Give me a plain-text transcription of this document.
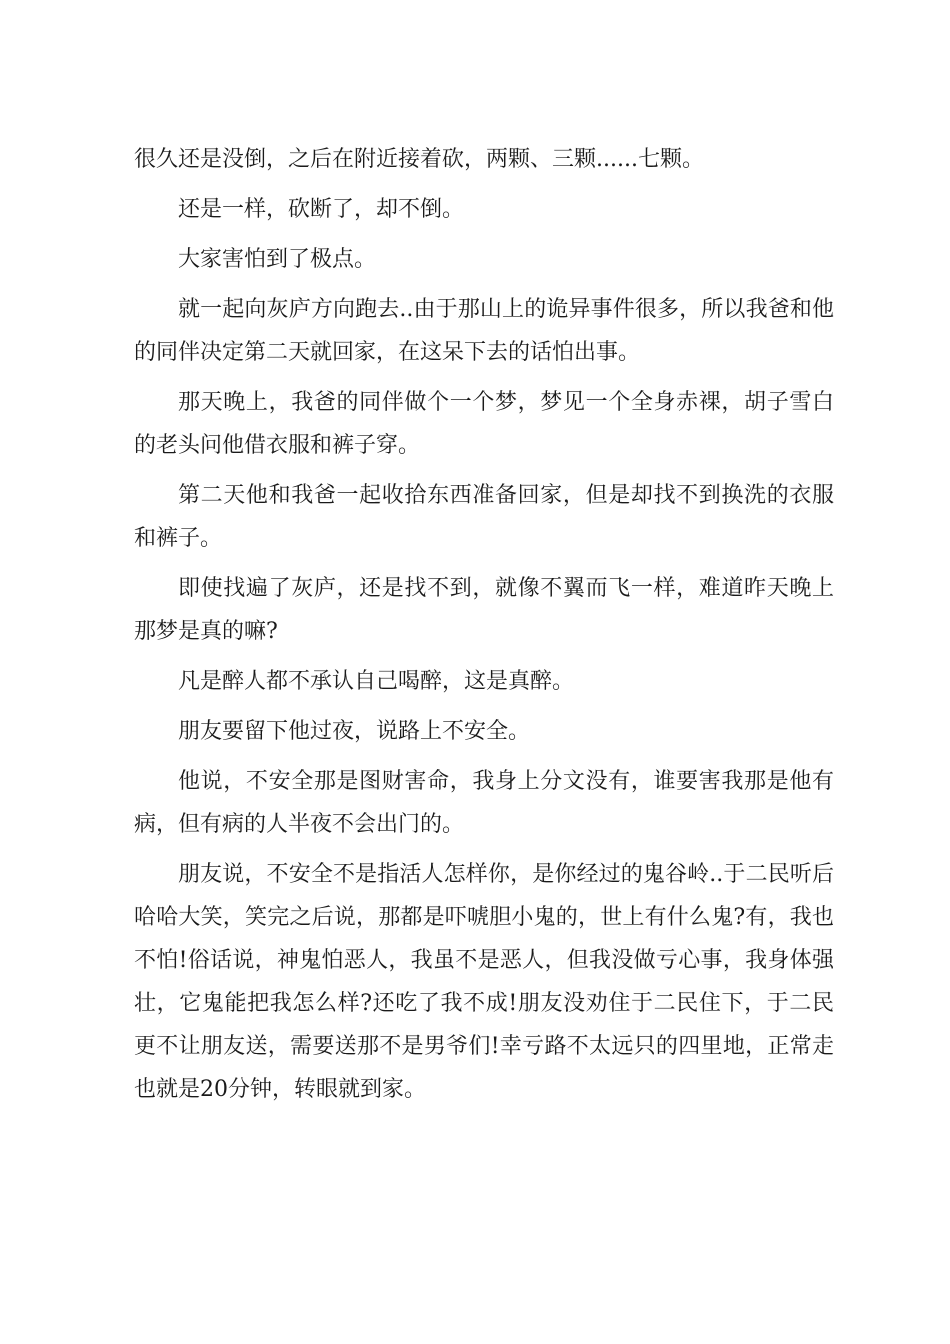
很久还是没倒，之后在附近接着砍，两颗、三颗......七颗。

还是一样，砍断了，却不倒。

大家害怕到了极点。

就一起向灰庐方向跑去..由于那山上的诡异事件很多，所以我爸和他的同伴决定第二天就回家，在这呆下去的话怕出事。

那天晚上，我爸的同伴做个一个梦，梦见一个全身赤裸，胡子雪白的老头问他借衣服和裤子穿。

第二天他和我爸一起收拾东西准备回家，但是却找不到换洗的衣服和裤子。

即使找遍了灰庐，还是找不到，就像不翼而飞一样，难道昨天晚上那梦是真的嘛?

凡是醉人都不承认自己喝醉，这是真醉。

朋友要留下他过夜，说路上不安全。

他说，不安全那是图财害命，我身上分文没有，谁要害我那是他有病，但有病的人半夜不会出门的。

朋友说，不安全不是指活人怎样你，是你经过的鬼谷岭..于二民听后哈哈大笑，笑完之后说，那都是吓唬胆小鬼的，世上有什么鬼?有，我也不怕!俗话说，神鬼怕恶人，我虽不是恶人，但我没做亏心事，我身体强壮，它鬼能把我怎么样?还吃了我不成!朋友没劝住于二民住下，于二民更不让朋友送，需要送那不是男爷们!幸亏路不太远只的四里地，正常走也就是20分钟，转眼就到家。
